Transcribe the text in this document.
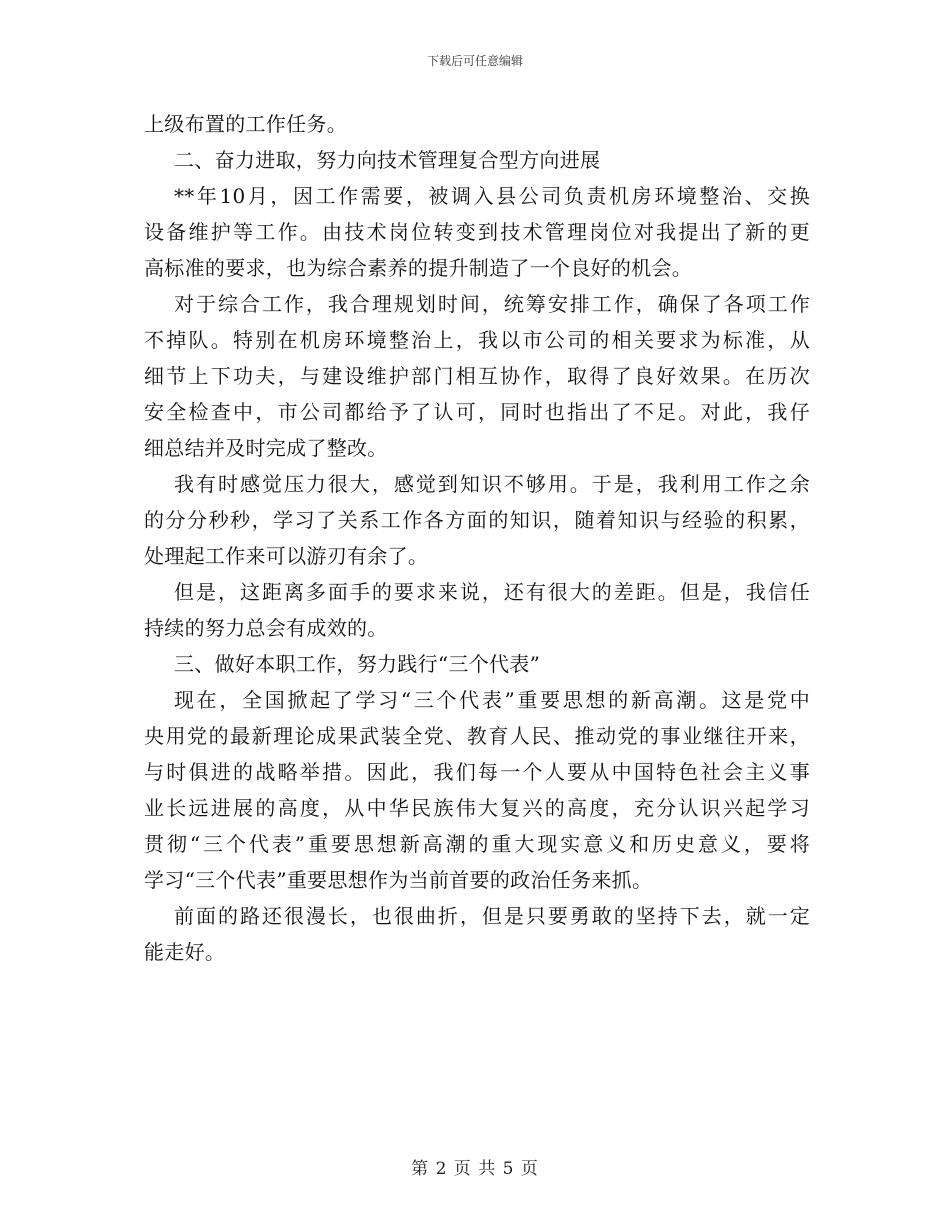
下载后可任意编辑
上级布置的工作任务。
二、奋力进取，努力向技术管理复合型方向进展
**年10月，因工作需要，被调入县公司负责机房环境整治、交换
设备维护等工作。由技术岗位转变到技术管理岗位对我提出了新的更
高标准的要求，也为综合素养的提升制造了一个良好的机会。
对于综合工作，我合理规划时间，统筹安排工作，确保了各项工作
不掉队。特别在机房环境整治上，我以市公司的相关要求为标准，从
细节上下功夫，与建设维护部门相互协作，取得了良好效果。在历次
安全检查中，市公司都给予了认可，同时也指出了不足。对此，我仔
细总结并及时完成了整改。
我有时感觉压力很大，感觉到知识不够用。于是，我利用工作之余
的分分秒秒，学习了关系工作各方面的知识，随着知识与经验的积累，
处理起工作来可以游刃有余了。
但是，这距离多面手的要求来说，还有很大的差距。但是，我信任
持续的努力总会有成效的。
三、做好本职工作，努力践行“三个代表”
现在，全国掀起了学习“三个代表”重要思想的新高潮。这是党中
央用党的最新理论成果武装全党、教育人民、推动党的事业继往开来，
与时俱进的战略举措。因此，我们每一个人要从中国特色社会主义事
业长远进展的高度，从中华民族伟大复兴的高度，充分认识兴起学习
贯彻“三个代表”重要思想新高潮的重大现实意义和历史意义，要将
学习“三个代表”重要思想作为当前首要的政治任务来抓。
前面的路还很漫长，也很曲折，但是只要勇敢的坚持下去，就一定
能走好。
第 2 页 共 5 页
